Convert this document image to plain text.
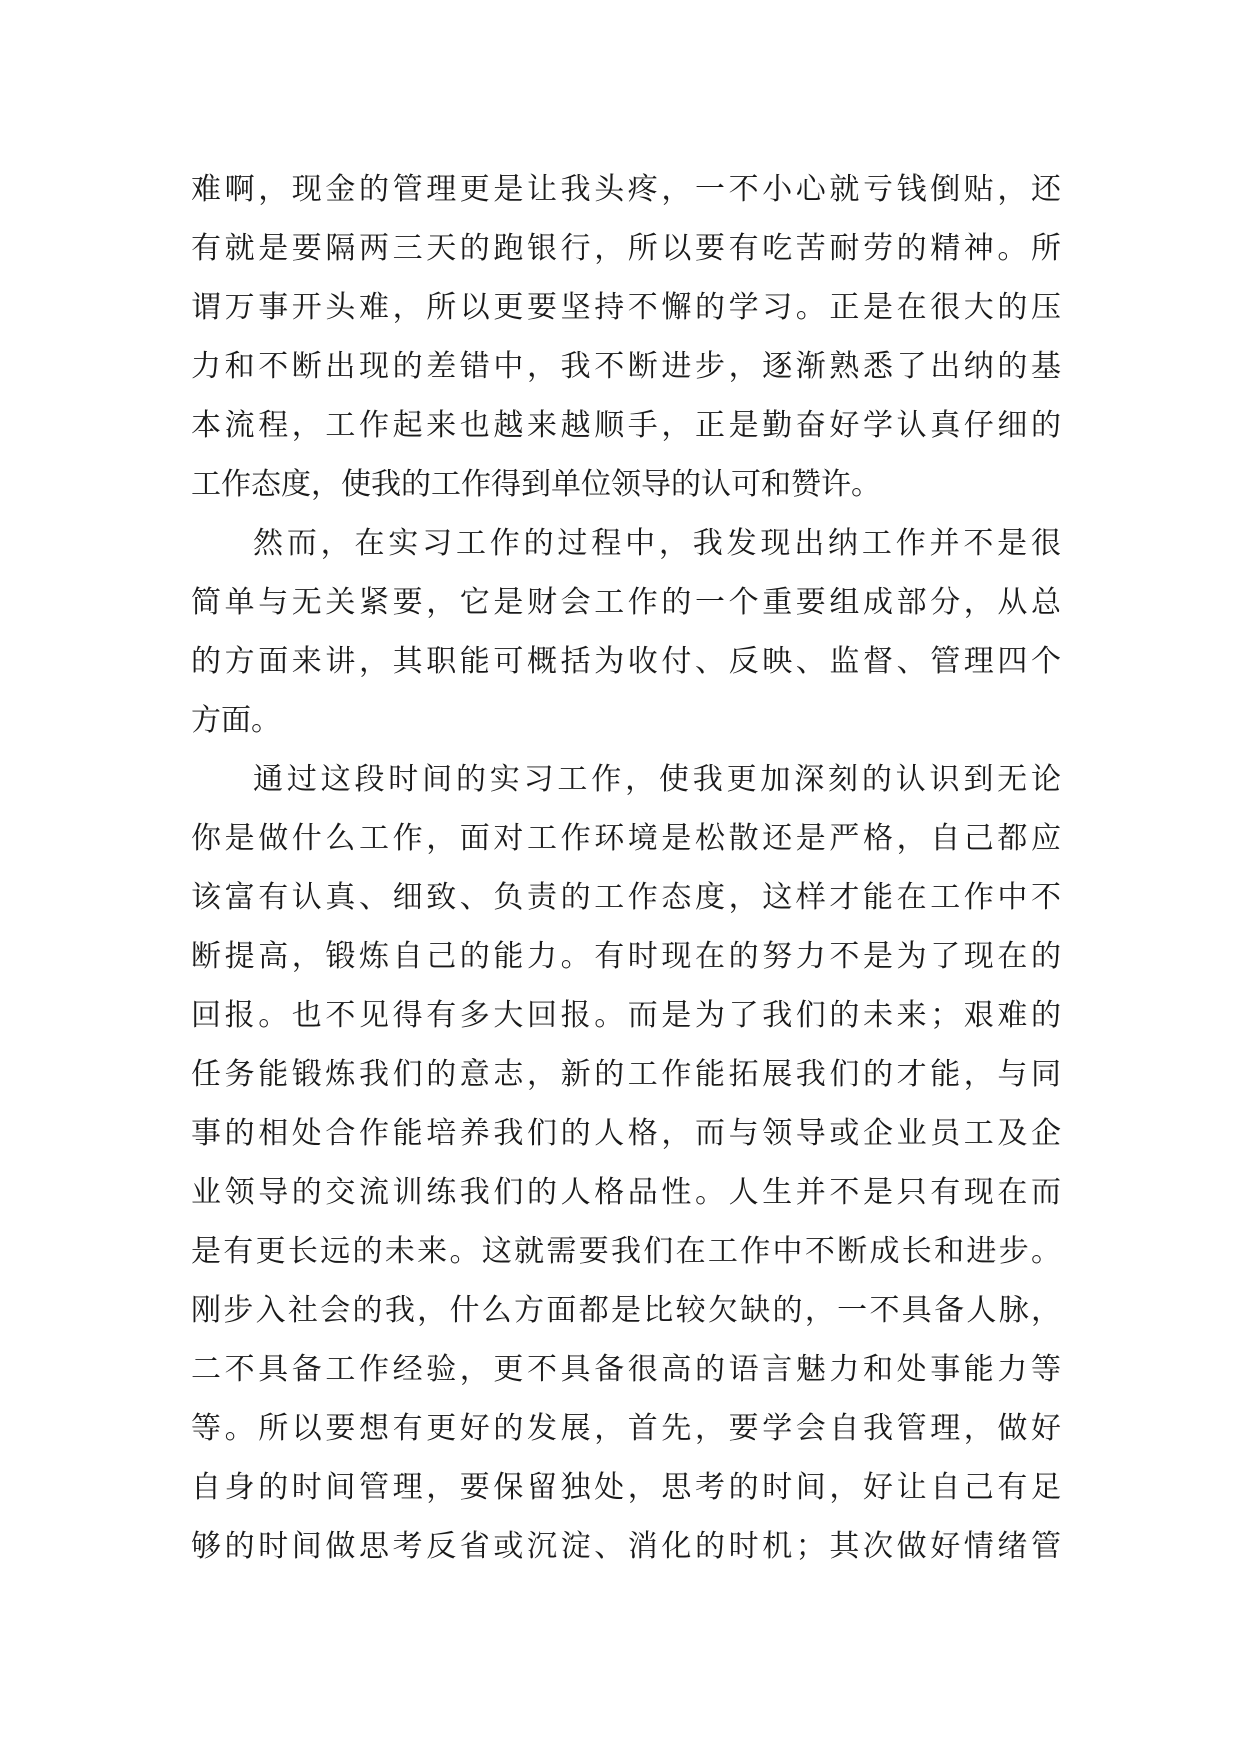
难啊，现金的管理更是让我头疼，一不小心就亏钱倒贴，还
有就是要隔两三天的跑银行，所以要有吃苦耐劳的精神。所
谓万事开头难，所以更要坚持不懈的学习。正是在很大的压
力和不断出现的差错中，我不断进步，逐渐熟悉了出纳的基
本流程，工作起来也越来越顺手，正是勤奋好学认真仔细的
工作态度，使我的工作得到单位领导的认可和赞许。
然而，在实习工作的过程中，我发现出纳工作并不是很
简单与无关紧要，它是财会工作的一个重要组成部分，从总
的方面来讲，其职能可概括为收付、反映、监督、管理四个
方面。
通过这段时间的实习工作，使我更加深刻的认识到无论
你是做什么工作，面对工作环境是松散还是严格，自己都应
该富有认真、细致、负责的工作态度，这样才能在工作中不
断提高，锻炼自己的能力。有时现在的努力不是为了现在的
回报。也不见得有多大回报。而是为了我们的未来；艰难的
任务能锻炼我们的意志，新的工作能拓展我们的才能，与同
事的相处合作能培养我们的人格，而与领导或企业员工及企
业领导的交流训练我们的人格品性。人生并不是只有现在而
是有更长远的未来。这就需要我们在工作中不断成长和进步。
刚步入社会的我，什么方面都是比较欠缺的，一不具备人脉，
二不具备工作经验，更不具备很高的语言魅力和处事能力等
等。所以要想有更好的发展，首先，要学会自我管理，做好
自身的时间管理，要保留独处，思考的时间，好让自己有足
够的时间做思考反省或沉淀、消化的时机；其次做好情绪管
